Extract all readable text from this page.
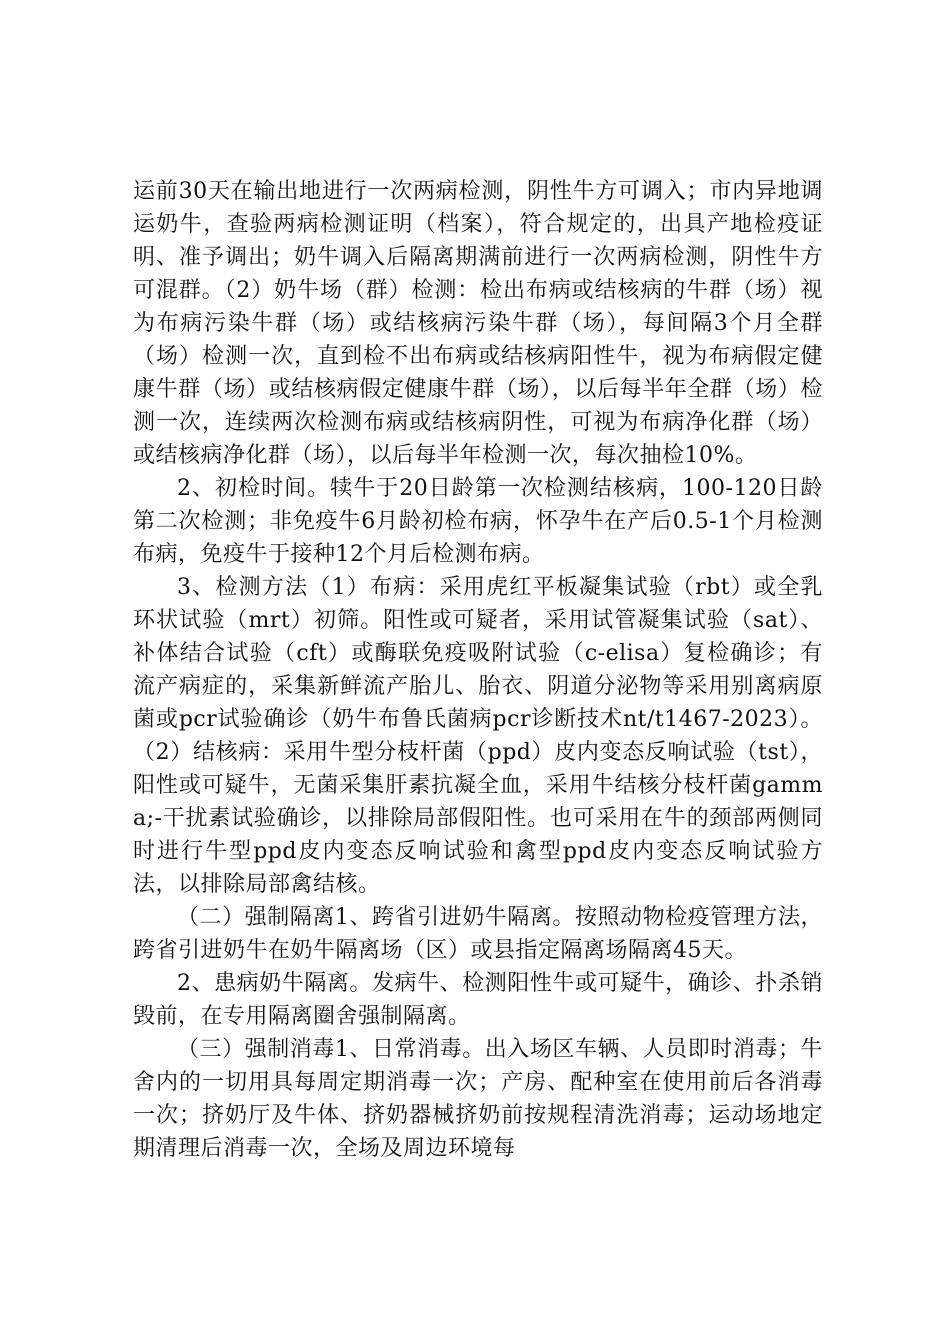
运前30天在输出地进行一次两病检测，阴性牛方可调入；市内异地调运奶牛，查验两病检测证明（档案），符合规定的，出具产地检疫证明、准予调出；奶牛调入后隔离期满前进行一次两病检测，阴性牛方可混群。（2）奶牛场（群）检测：检出布病或结核病的牛群（场）视为布病污染牛群（场）或结核病污染牛群（场），每间隔3个月全群（场）检测一次，直到检不出布病或结核病阳性牛，视为布病假定健康牛群（场）或结核病假定健康牛群（场），以后每半年全群（场）检测一次，连续两次检测布病或结核病阴性，可视为布病净化群（场）或结核病净化群（场），以后每半年检测一次，每次抽检10%。

2、初检时间。犊牛于20日龄第一次检测结核病，100-120日龄第二次检测；非免疫牛6月龄初检布病，怀孕牛在产后0.5-1个月检测布病，免疫牛于接种12个月后检测布病。

3、检测方法（1）布病：采用虎红平板凝集试验（rbt）或全乳环状试验（mrt）初筛。阳性或可疑者，采用试管凝集试验（sat）、补体结合试验（cft）或酶联免疫吸附试验（c-elisa）复检确诊；有流产病症的，采集新鲜流产胎儿、胎衣、阴道分泌物等采用别离病原菌或pcr试验确诊（奶牛布鲁氏菌病pcr诊断技术nt/t1467-2023）。（2）结核病：采用牛型分枝杆菌（ppd）皮内变态反响试验（tst），阳性或可疑牛，无菌采集肝素抗凝全血，采用牛结核分枝杆菌gamma;-干扰素试验确诊，以排除局部假阳性。也可采用在牛的颈部两侧同时进行牛型ppd皮内变态反响试验和禽型ppd皮内变态反响试验方法，以排除局部禽结核。

（二）强制隔离1、跨省引进奶牛隔离。按照动物检疫管理方法，跨省引进奶牛在奶牛隔离场（区）或县指定隔离场隔离45天。

2、患病奶牛隔离。发病牛、检测阳性牛或可疑牛，确诊、扑杀销毁前，在专用隔离圈舍强制隔离。

（三）强制消毒1、日常消毒。出入场区车辆、人员即时消毒；牛舍内的一切用具每周定期消毒一次；产房、配种室在使用前后各消毒一次；挤奶厅及牛体、挤奶器械挤奶前按规程清洗消毒；运动场地定期清理后消毒一次，全场及周边环境每
